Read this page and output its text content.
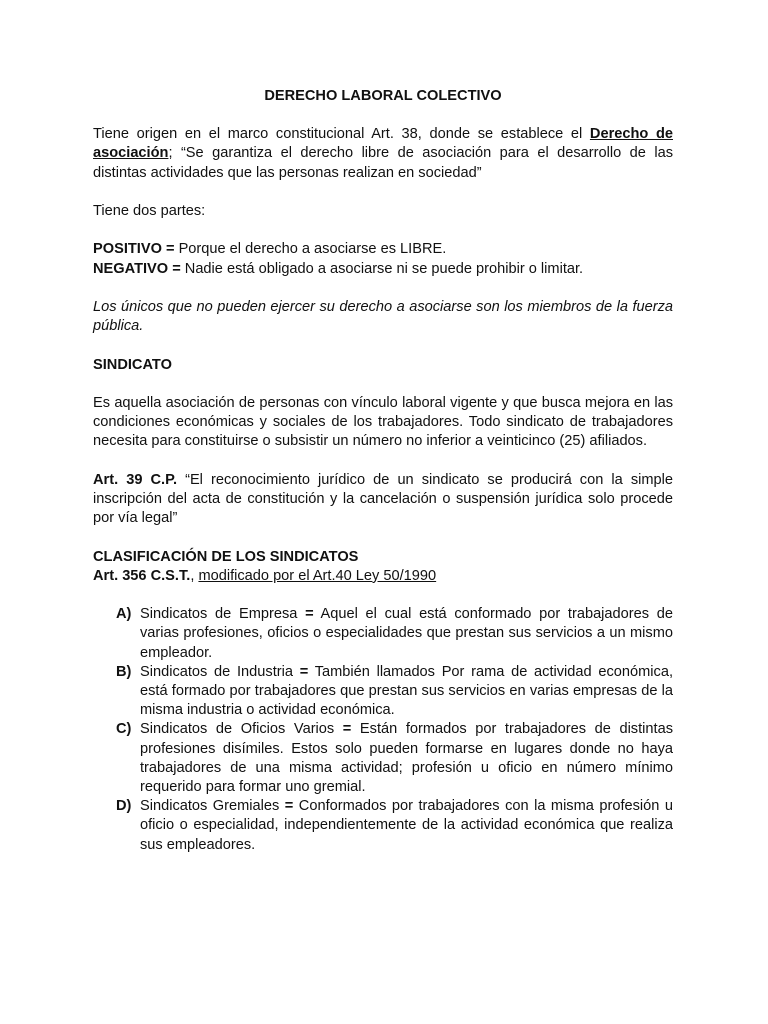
DERECHO LABORAL COLECTIVO

Tiene origen en el marco constitucional Art. 38, donde se establece el Derecho de asociación; “Se garantiza el derecho libre de asociación para el desarrollo de las distintas actividades que las personas realizan en sociedad”

Tiene dos partes:

POSITIVO = Porque el derecho a asociarse es LIBRE.

NEGATIVO = Nadie está obligado a asociarse ni se puede prohibir o limitar.

Los únicos que no pueden ejercer su derecho a asociarse son los miembros de la fuerza pública.

SINDICATO

Es aquella asociación de personas con vínculo laboral vigente y que busca mejora en las condiciones económicas y sociales de los trabajadores. Todo sindicato de trabajadores necesita para constituirse o subsistir un número no inferior a veinticinco (25) afiliados.

Art. 39 C.P. “El reconocimiento jurídico de un sindicato se producirá con la simple inscripción del acta de constitución y la cancelación o suspensión jurídica solo procede por vía legal”

CLASIFICACIÓN DE LOS SINDICATOS
Art. 356 C.S.T., modificado por el Art.40 Ley 50/1990
A) Sindicatos de Empresa = Aquel el cual está conformado por trabajadores de varias profesiones, oficios o especialidades que prestan sus servicios a un mismo empleador.
B) Sindicatos de Industria = También llamados Por rama de actividad económica, está formado por trabajadores que prestan sus servicios en varias empresas de la misma industria o actividad económica.
C) Sindicatos de Oficios Varios = Están formados por trabajadores de distintas profesiones disímiles. Estos solo pueden formarse en lugares donde no haya trabajadores de una misma actividad; profesión u oficio en número mínimo requerido para formar uno gremial.
D) Sindicatos Gremiales = Conformados por trabajadores con la misma profesión u oficio o especialidad, independientemente de la actividad económica que realiza sus empleadores.
